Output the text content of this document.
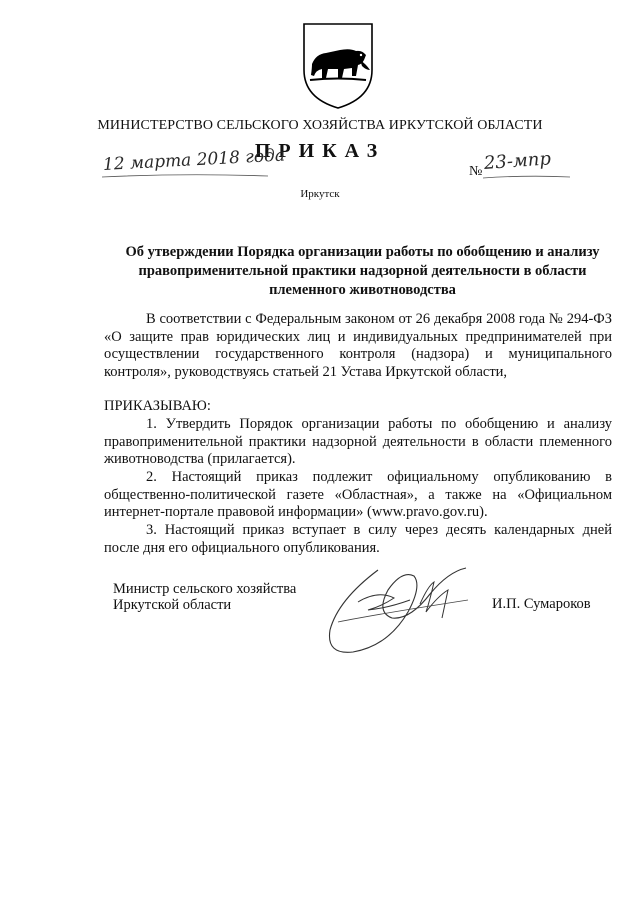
МИНИСТЕРСТВО СЕЛЬСКОГО ХОЗЯЙСТВА ИРКУТСКОЙ ОБЛАСТИ
ПРИКАЗ
12 марта 2018 года	№ 23-мпр
Иркутск
Об утверждении Порядка организации работы по обобщению и анализу правоприменительной практики надзорной деятельности в области племенного животноводства
В соответствии с Федеральным законом от 26 декабря 2008 года № 294-ФЗ «О защите прав юридических лиц и индивидуальных предпринимателей при осуществлении государственного контроля (надзора) и муниципального контроля», руководствуясь статьей 21 Устава Иркутской области,
ПРИКАЗЫВАЮ:
1. Утвердить Порядок организации работы по обобщению и анализу правоприменительной практики надзорной деятельности в области племенного животноводства (прилагается).
2. Настоящий приказ подлежит официальному опубликованию в общественно-политической газете «Областная», а также на «Официальном интернет-портале правовой информации» (www.pravo.gov.ru).
3. Настоящий приказ вступает в силу через десять календарных дней после дня его официального опубликования.
Министр сельского хозяйства
Иркутской области	И.П. Сумароков
